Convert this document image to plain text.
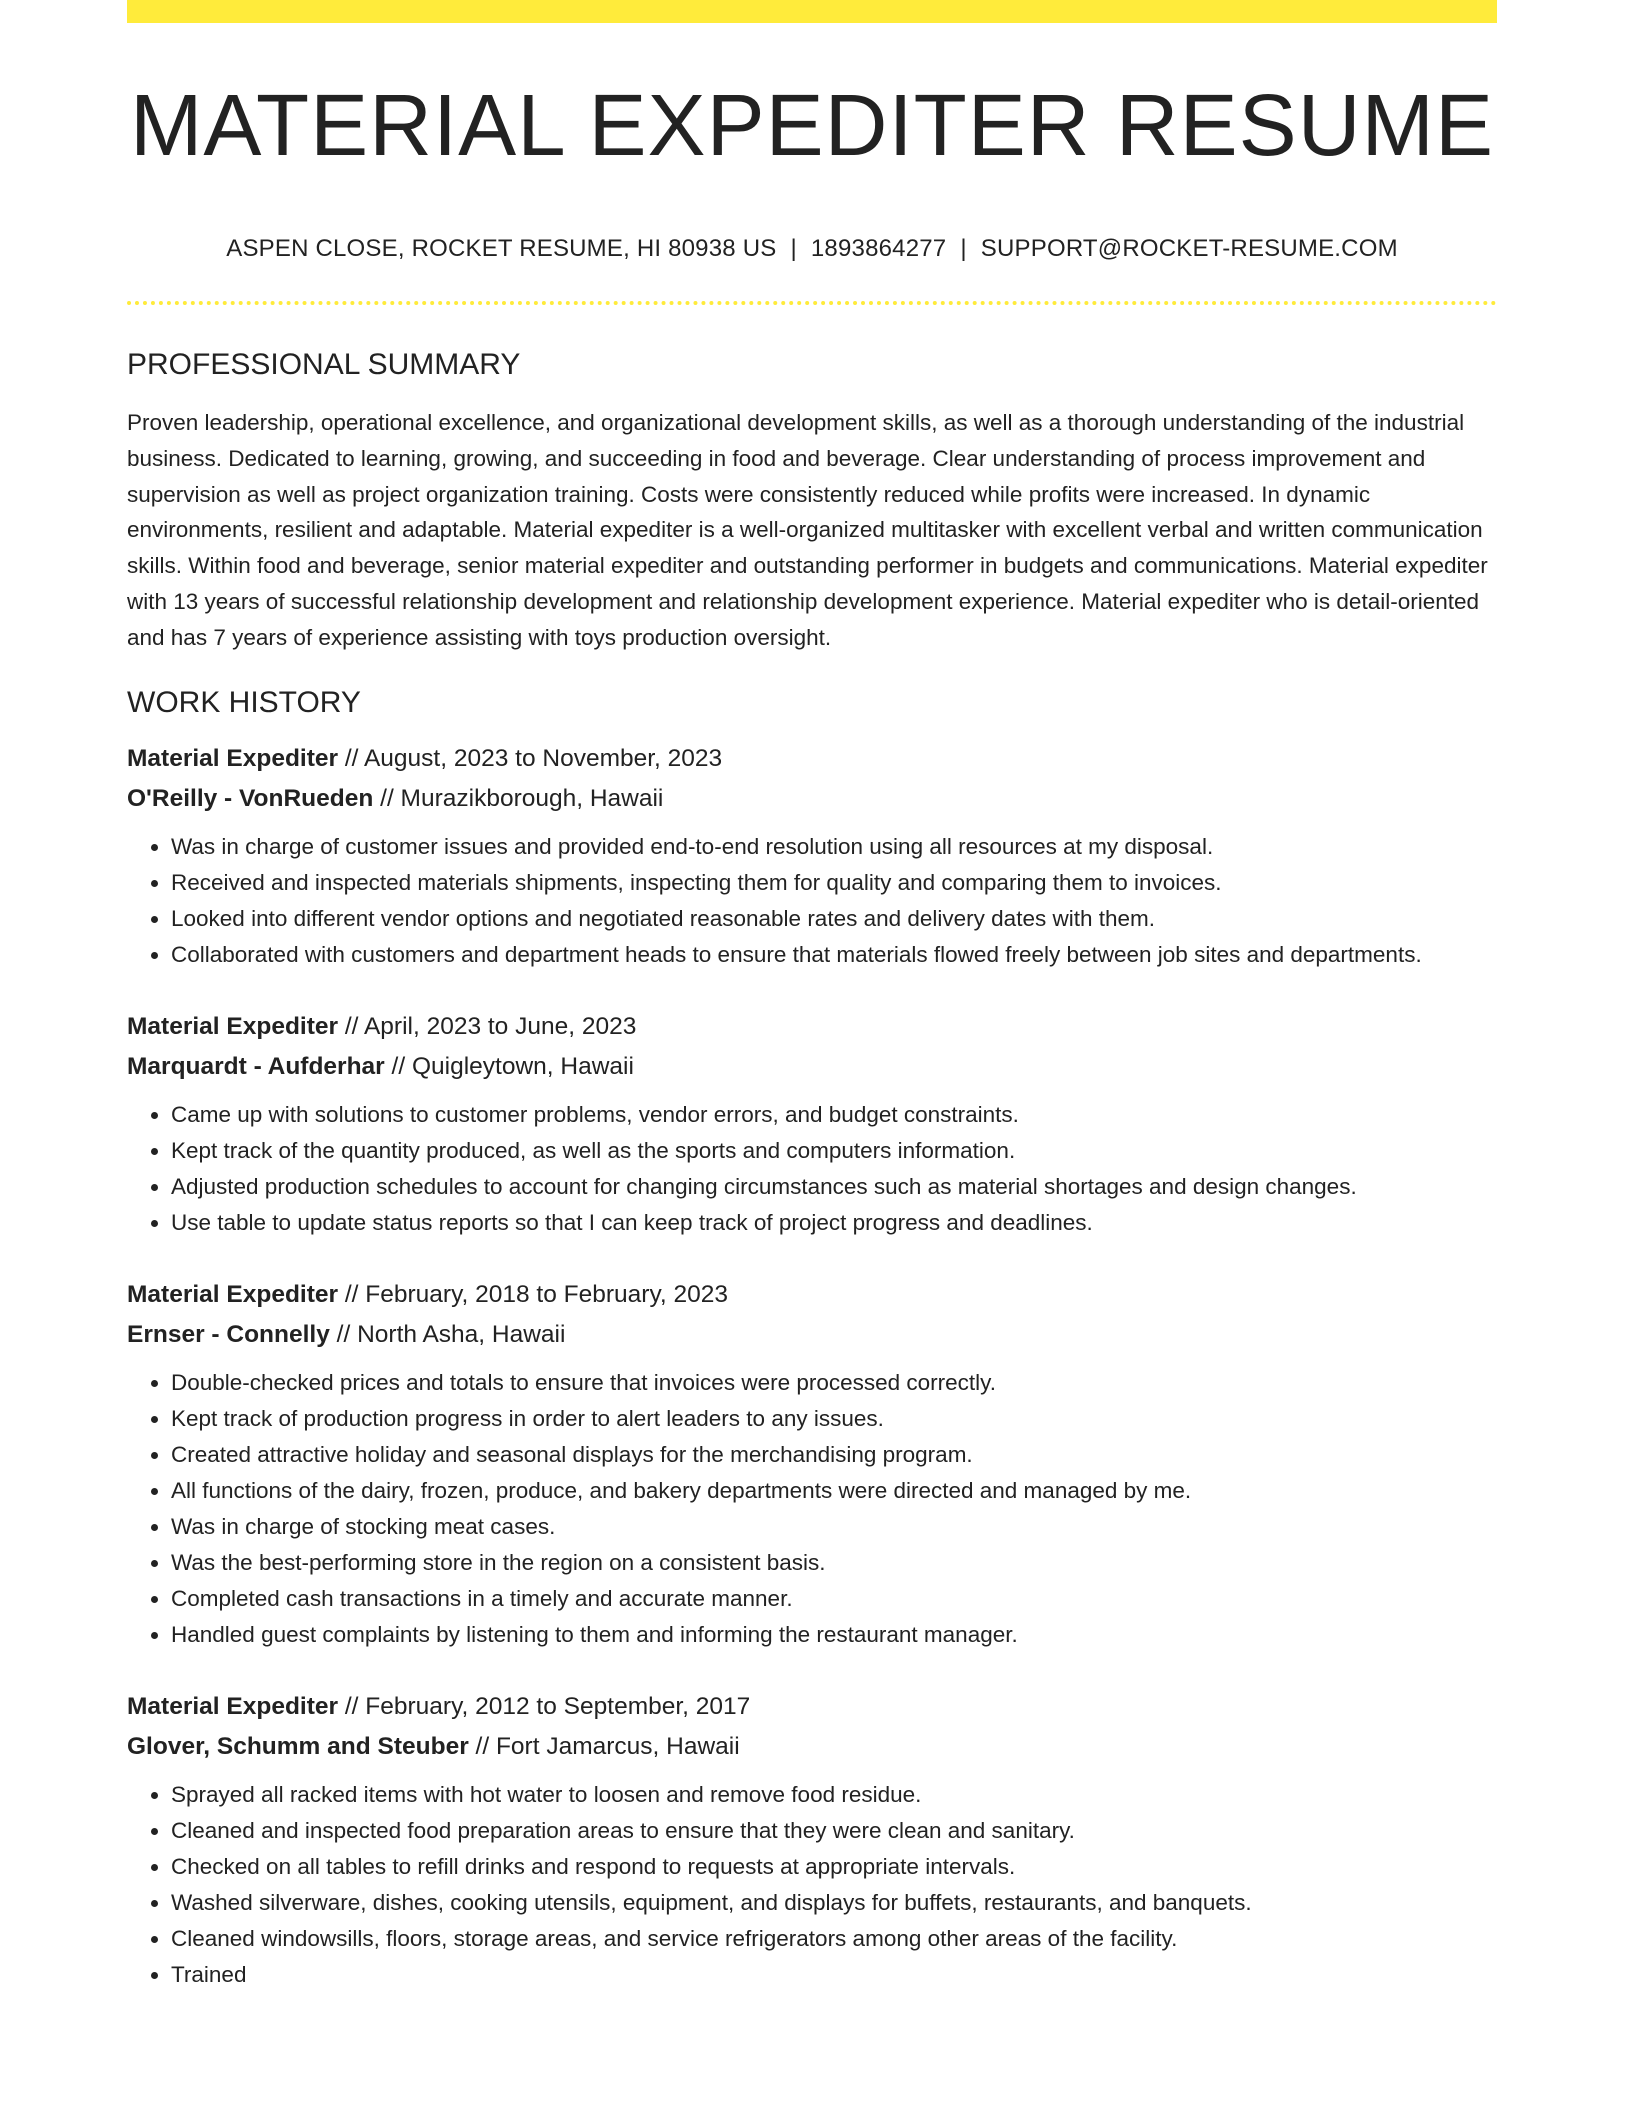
MATERIAL EXPEDITER RESUME
ASPEN CLOSE, ROCKET RESUME, HI 80938 US | 1893864277 | SUPPORT@ROCKET-RESUME.COM
PROFESSIONAL SUMMARY

Proven leadership, operational excellence, and organizational development skills, as well as a thorough understanding of the industrial business. Dedicated to learning, growing, and succeeding in food and beverage. Clear understanding of process improvement and supervision as well as project organization training. Costs were consistently reduced while profits were increased. In dynamic environments, resilient and adaptable. Material expediter is a well-organized multitasker with excellent verbal and written communication skills. Within food and beverage, senior material expediter and outstanding performer in budgets and communications. Material expediter with 13 years of successful relationship development and relationship development experience. Material expediter who is detail-oriented and has 7 years of experience assisting with toys production oversight.

WORK HISTORY
Material Expediter // August, 2023 to November, 2023
O'Reilly - VonRueden // Murazikborough, Hawaii
• Was in charge of customer issues and provided end-to-end resolution using all resources at my disposal.
• Received and inspected materials shipments, inspecting them for quality and comparing them to invoices.
• Looked into different vendor options and negotiated reasonable rates and delivery dates with them.
• Collaborated with customers and department heads to ensure that materials flowed freely between job sites and departments.
Material Expediter // April, 2023 to June, 2023
Marquardt - Aufderhar // Quigleytown, Hawaii
• Came up with solutions to customer problems, vendor errors, and budget constraints.
• Kept track of the quantity produced, as well as the sports and computers information.
• Adjusted production schedules to account for changing circumstances such as material shortages and design changes.
• Use table to update status reports so that I can keep track of project progress and deadlines.
Material Expediter // February, 2018 to February, 2023
Ernser - Connelly // North Asha, Hawaii
• Double-checked prices and totals to ensure that invoices were processed correctly.
• Kept track of production progress in order to alert leaders to any issues.
• Created attractive holiday and seasonal displays for the merchandising program.
• All functions of the dairy, frozen, produce, and bakery departments were directed and managed by me.
• Was in charge of stocking meat cases.
• Was the best-performing store in the region on a consistent basis.
• Completed cash transactions in a timely and accurate manner.
• Handled guest complaints by listening to them and informing the restaurant manager.
Material Expediter // February, 2012 to September, 2017
Glover, Schumm and Steuber // Fort Jamarcus, Hawaii
• Sprayed all racked items with hot water to loosen and remove food residue.
• Cleaned and inspected food preparation areas to ensure that they were clean and sanitary.
• Checked on all tables to refill drinks and respond to requests at appropriate intervals.
• Washed silverware, dishes, cooking utensils, equipment, and displays for buffets, restaurants, and banquets.
• Cleaned windowsills, floors, storage areas, and service refrigerators among other areas of the facility.
• Trained
